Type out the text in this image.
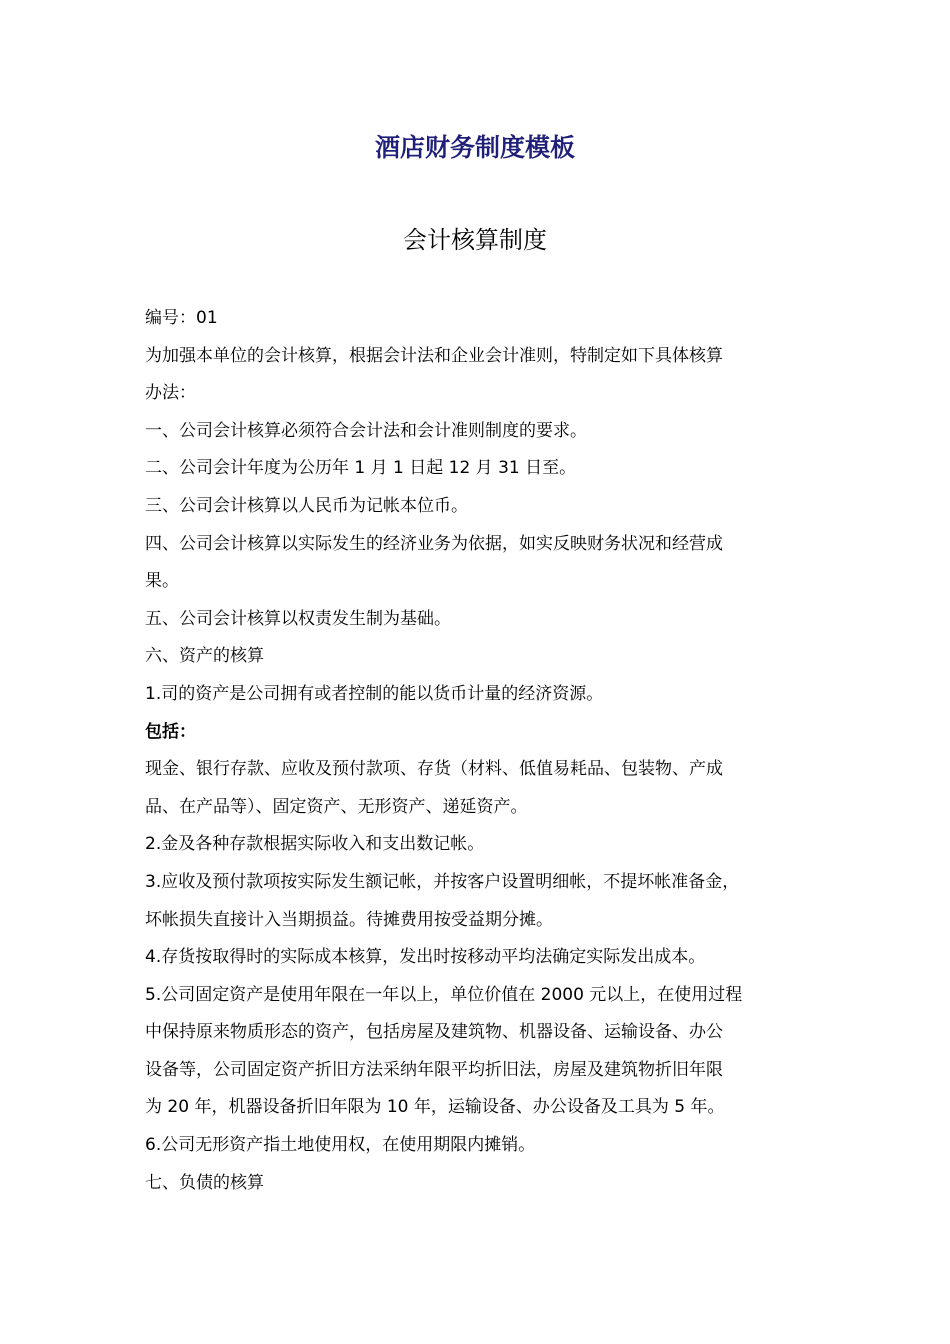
酒店财务制度模板
会计核算制度
编号：01
为加强本单位的会计核算，根据会计法和企业会计准则，特制定如下具体核算
办法：
一、公司会计核算必须符合会计法和会计准则制度的要求。
二、公司会计年度为公历年 1 月 1 日起 12 月 31 日至。
三、公司会计核算以人民币为记帐本位币。
四、公司会计核算以实际发生的经济业务为依据，如实反映财务状况和经营成
果。
五、公司会计核算以权责发生制为基础。
六、资产的核算
1.司的资产是公司拥有或者控制的能以货币计量的经济资源。
包括：
现金、银行存款、应收及预付款项、存货（材料、低值易耗品、包装物、产成
品、在产品等）、固定资产、无形资产、递延资产。
2.金及各种存款根据实际收入和支出数记帐。
3.应收及预付款项按实际发生额记帐，并按客户设置明细帐，不提坏帐准备金，
坏帐损失直接计入当期损益。待摊费用按受益期分摊。
4.存货按取得时的实际成本核算，发出时按移动平均法确定实际发出成本。
5.公司固定资产是使用年限在一年以上，单位价值在 2000 元以上，在使用过程
中保持原来物质形态的资产，包括房屋及建筑物、机器设备、运输设备、办公
设备等，公司固定资产折旧方法采纳年限平均折旧法，房屋及建筑物折旧年限
为 20 年，机器设备折旧年限为 10 年，运输设备、办公设备及工具为 5 年。
6.公司无形资产指土地使用权，在使用期限内摊销。
七、负债的核算
